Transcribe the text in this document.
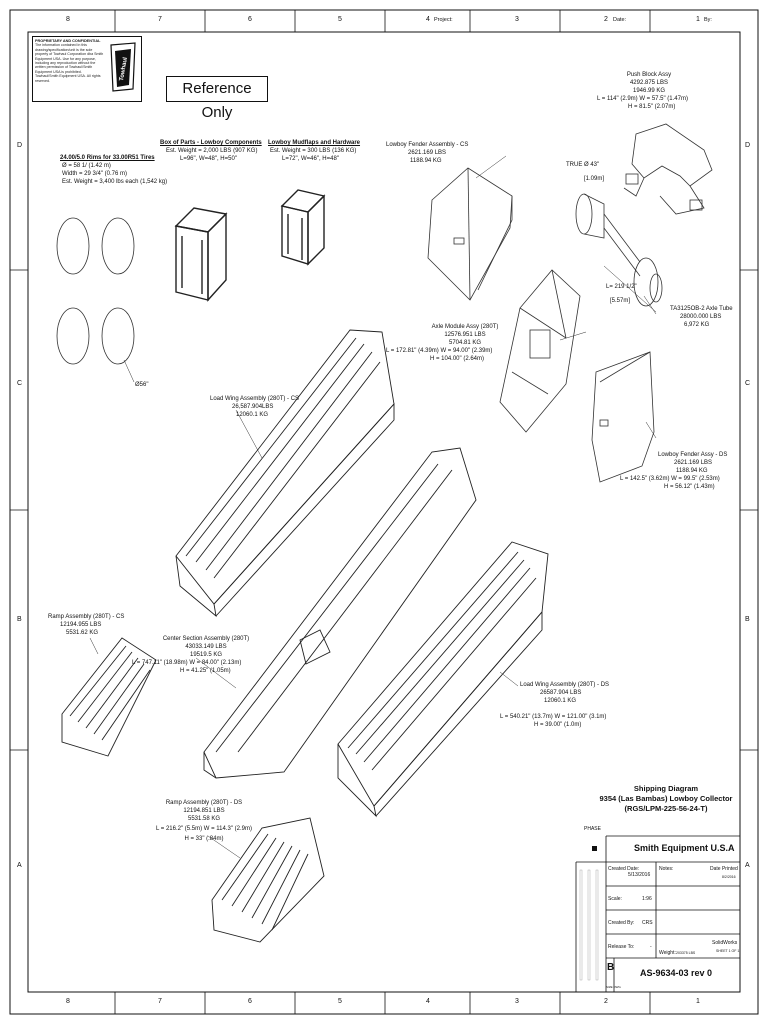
8	7	6	5	4	3	2	1
8	7	6	5	4	3	2	1
D
C
B
A
D
C
B
A
Project:	Date:	By:
PROPRIETARY AND CONFIDENTIAL
The information contained in this drawing/specification/unit is the sole property of Towhaul Corporation dba Smith Equipment USA. Use for any purpose, including any reproduction without the written permission of Towhaul/Smith Equipment USA is prohibited. Towhaul/Smith Equipment USA. All rights reserved.	Towhaul
Reference Only
24.00/5.0 Rims for 33.00R51 Tires
Ø = 58 1/ (1.42 m)
Width = 29 3/4" (0.76 m)
Est. Weight = 3,400 lbs each (1,542 kg)
Ø56"
Box of Parts - Lowboy Components
Est. Weight = 2,000 LBS (907 KG)
L=96", W=48", H=50"
Lowboy Mudflaps and Hardware
Est. Weight = 300 LBS (136 KG)
L=72", W=46", H=48"
Lowboy Fender Assembly - CS
2621.169 LBS
1188.94 KG
Push Block Assy
4292.875 LBS
1946.99 KG
L = 114" (2.9m) W = 57.5" (1.47m)
H = 81.5" (2.07m)
TRUE Ø 43"
[1.09m]
L= 219 1/2"
[5.57m]
TA3125OB-2 Axle Tube
28000.000 LBS
6,972 KG
Axle Module Assy (280T)
12576.951 LBS
5704.81 KG
L = 172.81" (4.39m) W = 94.00" (2.39m)
H = 104.00" (2.64m)
Load Wing Assembly (280T) - CS
26,587.904LBS
12060.1 KG
Lowboy Fender Assy - DS
2621.169 LBS
1188.94 KG
L = 142.5" (3.62m) W = 99.5" (2.53m)
H = 56.12" (1.43m)
Ramp Assembly (280T) - CS
12194.955 LBS
5531.62 KG
Center Section Assembly (280T)
43033.149 LBS
19519.5 KG
L = 747.11" (18.98m) W = 84.00" (2.13m)
H = 41.25" (1.05m)
Load Wing Assembly (280T) - DS
26587.904 LBS
12060.1 KG
L = 540.21" (13.7m) W = 121.00" (3.1m)
H = 39.00" (1.0m)
Ramp Assembly (280T) - DS
12194.851 LBS
5531.58 KG
L = 216.2" (5.5m) W = 114.3" (2.9m)
H = 33" (.84m)
Shipping Diagram
9354 (Las Bambas) Lowboy Collector
(RGS/LPM-225-56-24-T)
PHASE
Smith Equipment U.S.A
Created Date:
5/13/2016
Notes:	Date Printed
8/2/2016
Scale:	1:96
Created By: CRS
Release To:	-
Weight: 203375 LBS
SolidWorks
SHEET 1 OF 1
B
SIZE DWG
AS-9634-03 rev 0
